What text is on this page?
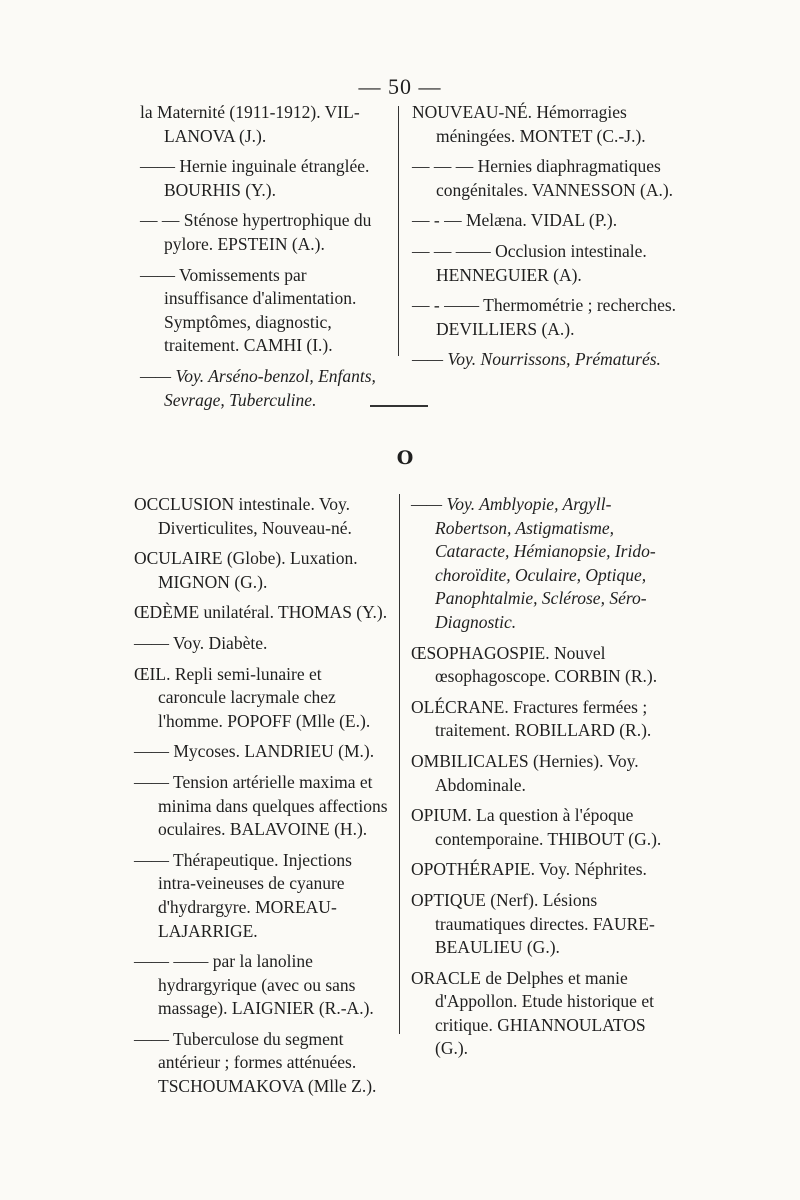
— 50 —

la Maternité (1911-1912). VIL-LANOVA (J.).

—— Hernie inguinale étranglée. BOURHIS (Y.).

— — Sténose hypertrophique du pylore. EPSTEIN (A.).

—— Vomissements par insuffisance d'alimentation. Symptômes, diagnostic, traitement. CAMHI (I.).

—— Voy. Arséno-benzol, Enfants, Sevrage, Tuberculine.

NOUVEAU-NÉ. Hémorragies méningées. MONTET (C.-J.).

— — — Hernies diaphragmatiques congénitales. VANNESSON (A.).

— - — Melæna. VIDAL (P.).

— — —— Occlusion intestinale. HENNEGUIER (A).

— - —— Thermométrie ; recherches. DEVILLIERS (A.).

—— Voy. Nourrissons, Prématurés.

O

OCCLUSION intestinale. Voy. Diverticulites, Nouveau-né.

OCULAIRE (Globe). Luxation. MIGNON (G.).

ŒDÈME unilatéral. THOMAS (Y.).

—— Voy. Diabète.

ŒIL. Repli semi-lunaire et caroncule lacrymale chez l'homme. POPOFF (Mlle (E.).

—— Mycoses. LANDRIEU (M.).

—— Tension artérielle maxima et minima dans quelques affections oculaires. BALAVOINE (H.).

—— Thérapeutique. Injections intra-veineuses de cyanure d'hydrargyre. MOREAU-LAJARRIGE.

—— —— par la lanoline hydrargyrique (avec ou sans massage). LAIGNIER (R.-A.).

—— Tuberculose du segment antérieur ; formes atténuées. TSCHOUMAKOVA (Mlle Z.).

—— Voy. Amblyopie, Argyll-Robertson, Astigmatisme, Cataracte, Hémianopsie, Irido-choroïdite, Oculaire, Optique, Panophtalmie, Sclérose, Séro-Diagnostic.

ŒSOPHAGOSPIE. Nouvel œsophagoscope. CORBIN (R.).

OLÉCRANE. Fractures fermées ; traitement. ROBILLARD (R.).

OMBILICALES (Hernies). Voy. Abdominale.

OPIUM. La question à l'époque contemporaine. THIBOUT (G.).

OPOTHÉRAPIE. Voy. Néphrites.

OPTIQUE (Nerf). Lésions traumatiques directes. FAURE-BEAULIEU (G.).

ORACLE de Delphes et manie d'Appollon. Etude historique et critique. GHIANNOULATOS (G.).
